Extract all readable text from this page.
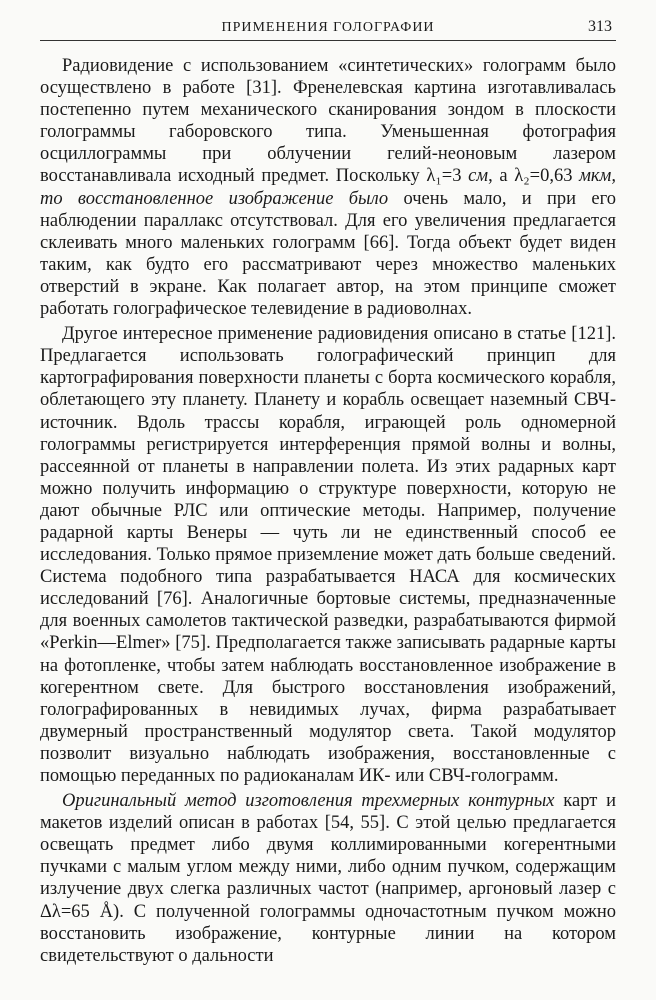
ПРИМЕНЕНИЯ ГОЛОГРАФИИ	313

Радиовидение с использованием «синтетических» голограмм было осуществлено в работе [31]. Френелевская картина изготавливалась постепенно путем механического сканирования зондом в плоскости голограммы габоровского типа. Уменьшенная фотография осциллограммы при облучении гелий-неоновым лазером восстанавливала исходный предмет. Поскольку λ₁=3 см, а λ₂=0,63 мкм, то восстановленное изображение было очень мало, и при его наблюдении параллакс отсутствовал. Для его увеличения предлагается склеивать много маленьких голограмм [66]. Тогда объект будет виден таким, как будто его рассматривают через множество маленьких отверстий в экране. Как полагает автор, на этом принципе сможет работать голографическое телевидение в радиоволнах.

Другое интересное применение радиовидения описано в статье [121]. Предлагается использовать голографический принцип для картографирования поверхности планеты с борта космического корабля, облетающего эту планету. Планету и корабль освещает наземный СВЧ-источник. Вдоль трассы корабля, играющей роль одномерной голограммы регистрируется интерференция прямой волны и волны, рассеянной от планеты в направлении полета. Из этих радарных карт можно получить информацию о структуре поверхности, которую не дают обычные РЛС или оптические методы. Например, получение радарной карты Венеры — чуть ли не единственный способ ее исследования. Только прямое приземление может дать больше сведений. Система подобного типа разрабатывается НАСА для космических исследований [76]. Аналогичные бортовые системы, предназначенные для военных самолетов тактической разведки, разрабатываются фирмой «Perkin—Elmer» [75]. Предполагается также записывать радарные карты на фотопленке, чтобы затем наблюдать восстановленное изображение в когерентном свете. Для быстрого восстановления изображений, голографированных в невидимых лучах, фирма разрабатывает двумерный пространственный модулятор света. Такой модулятор позволит визуально наблюдать изображения, восстановленные с помощью переданных по радиоканалам ИК- или СВЧ-голограмм.

Оригинальный метод изготовления трехмерных контурных карт и макетов изделий описан в работах [54, 55]. С этой целью предлагается освещать предмет либо двумя коллимированными когерентными пучками с малым углом между ними, либо одним пучком, содержащим излучение двух слегка различных частот (например, аргоновый лазер с Δλ=65 Å). С полученной голограммы одночастотным пучком можно восстановить изображение, контурные линии на котором свидетельствуют о дальности
